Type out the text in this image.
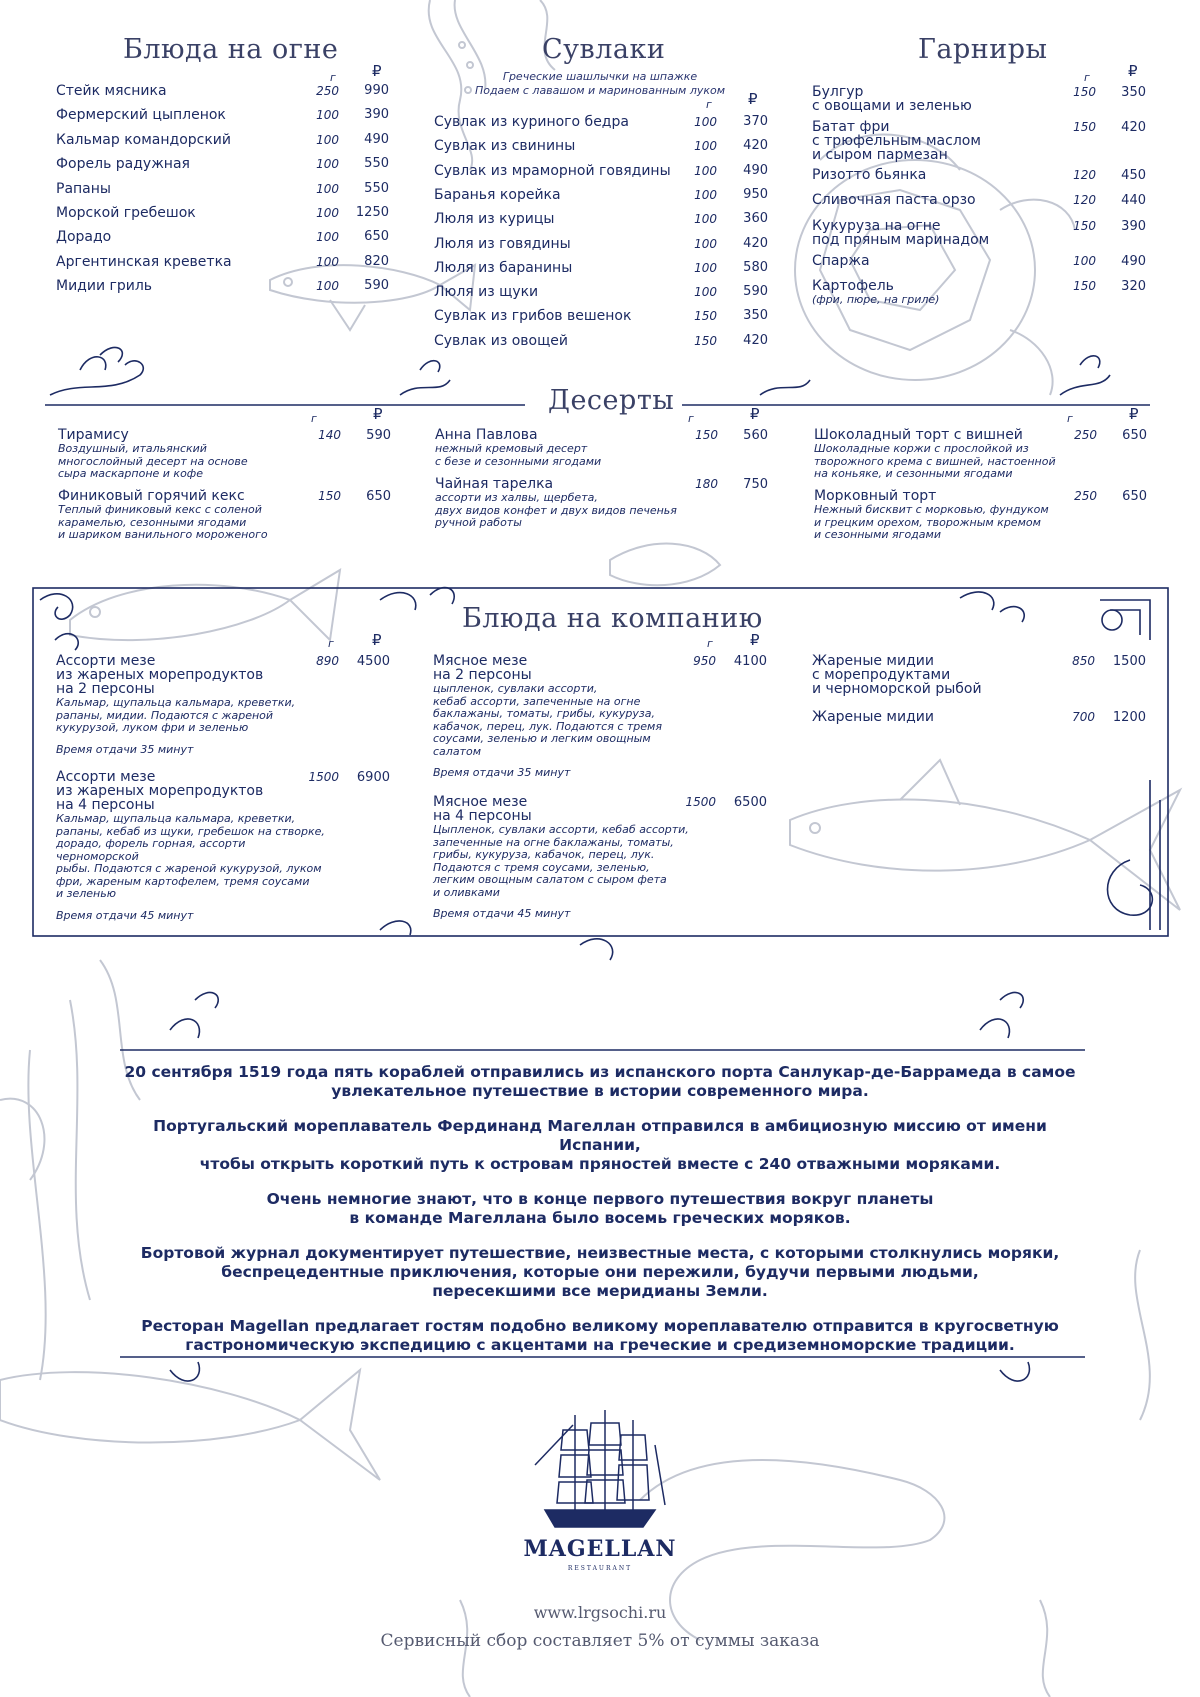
Блюда на огне
г ₽
Стейк мясника	250 990
Фермерский цыпленок	100 390
Кальмар командорский	100 490
Форель радужная	100 550
Рапаны	100 550
Морской гребешок	100 1250
Дорадо	100 650
Аргентинская креветка	100 820
Мидии гриль	100 590
Сувлаки
Греческие шашлычки на шпажке
Подаем с лавашом и маринованным луком
г ₽
Сувлак из куриного бедра	100 370
Сувлак из свинины	100 420
Сувлак из мраморной говядины 100 490
Баранья корейка	100 950
Люля из курицы	100 360
Люля из говядины	100 420
Люля из баранины	100 580
Люля из щуки	100 590
Сувлак из грибов вешенок	150 350
Сувлак из овощей	150 420
Гарниры
г	₽
Булгур
с овощами и зеленью
150 350
Батат фри
с трюфельным маслом
и сыром пармезан
150 420
Ризотто бьянка	120 450
Сливочная паста орзо	120 440
Кукуруза на огне
под пряным маринадом
150 390
Спаржа	100 490
Картофель
(фри, пюре, на гриле)
150 320
Десерты
г	₽	г	₽	г	₽
Тирамису
Воздушный, итальянский
многослойный десерт на основе
сыра маскарпоне и кофе
140 590
Финиковый горячий кекс
Теплый финиковый кекс с соленой
карамелью, сезонными ягодами
и шариком ванильного мороженого
150 650
Анна Павлова
нежный кремовый десерт
с безе и сезонными ягодами
150 560
Чайная тарелка
ассорти из халвы, щербета,
двух видов конфет и двух видов печенья
ручной работы
180 750
Шоколадный торт с вишней
Шоколадные коржи с прослойкой из
творожного крема с вишней, настоенной
на коньяке, и сезонными ягодами
250 650
Морковный торт
Нежный бисквит с морковью, фундуком
и грецким орехом, творожным кремом
и сезонными ягодами
250 650
Блюда на компанию
г	₽	г ₽
Ассорти мезе
из жареных морепродуктов
на 2 персоны
Кальмар, щупальца кальмара, креветки,
рапаны, мидии. Подаются с жареной
кукурузой, луком фри и зеленью
Время отдачи 35 минут
890 4500
Ассорти мезе
из жареных морепродуктов
на 4 персоны
Кальмар, щупальца кальмара, креветки,
рапаны, кебаб из щуки, гребешок на створке,
дорадо, форель горная, ассорти черноморской
рыбы. Подаются с жареной кукурузой, луком
фри, жареным картофелем, тремя соусами
и зеленью
Время отдачи 45 минут
1500 6900
Мясное мезе
на 2 персоны
цыпленок, сувлаки ассорти,
кебаб ассорти, запеченные на огне
баклажаны, томаты, грибы, кукуруза,
кабачок, перец, лук. Подаются с тремя
соусами, зеленью и легким овощным
салатом
Время отдачи 35 минут
950 4100
Мясное мезе
на 4 персоны
Цыпленок, сувлаки ассорти, кебаб ассорти,
запеченные на огне баклажаны, томаты,
грибы, кукуруза, кабачок, перец, лук.
Подаются с тремя соусами, зеленью,
легким овощным салатом с сыром фета
и оливками
Время отдачи 45 минут
1500 6500
Жареные мидии
с морепродуктами
и черноморской рыбой
850 1500
Жареные мидии	700 1200

20 сентября 1519 года пять кораблей отправились из испанского порта Санлукар-де-Баррамеда в самое
увлекательное путешествие в истории современного мира.

Португальский мореплаватель Фердинанд Магеллан отправился в амбициозную миссию от имени Испании,
чтобы открыть короткий путь к островам пряностей вместе с 240 отважными моряками.

Очень немногие знают, что в конце первого путешествия вокруг планеты
в команде Магеллана было восемь греческих моряков.

Бортовой журнал документирует путешествие, неизвестные места, с которыми столкнулись моряки,
беспрецедентные приключения, которые они пережили, будучи первыми людьми,
пересекшими все меридианы Земли.

Ресторан Magellan предлагает гостям подобно великому мореплавателю отправится в кругосветную
гастрономическую экспедицию с акцентами на греческие и средиземноморские традиции.

MAGELLAN
RESTAURANT
www.lrgsochi.ru
Сервисный сбор составляет 5% от суммы заказа
